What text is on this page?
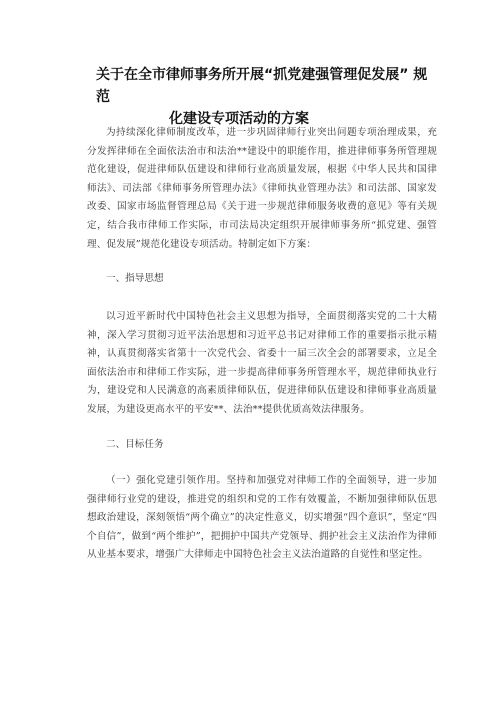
关于在全市律师事务所开展“抓党建强管理促发展” 规范
化建设专项活动的方案

为持续深化律师制度改革，进一步巩固律师行业突出问题专项治理成果，充分发挥律师在全面依法治市和法治**建设中的职能作用，推进律师事务所管理规范化建设，促进律师队伍建设和律师行业高质量发展，根据《中华人民共和国律师法》、司法部《律师事务所管理办法》《律师执业管理办法》和司法部、国家发改委、国家市场监督管理总局《关于进一步规范律师服务收费的意见》等有关规定，结合我市律师工作实际，市司法局决定组织开展律师事务所“抓党建、强管理、促发展”规范化建设专项活动。特制定如下方案：

一、指导思想

以习近平新时代中国特色社会主义思想为指导，全面贯彻落实党的二十大精神，深入学习贯彻习近平法治思想和习近平总书记对律师工作的重要指示批示精神，认真贯彻落实省第十一次党代会、省委十一届三次全会的部署要求，立足全面依法治市和律师工作实际，进一步提高律师事务所管理水平，规范律师执业行为，建设党和人民满意的高素质律师队伍，促进律师队伍建设和律师事业高质量发展，为建设更高水平的平安**、法治**提供优质高效法律服务。

二、目标任务

（一）强化党建引领作用。坚持和加强党对律师工作的全面领导，进一步加强律师行业党的建设，推进党的组织和党的工作有效覆盖，不断加强律师队伍思想政治建设，深刻领悟“两个确立”的决定性意义，切实增强“四个意识”，坚定“四个自信”，做到“两个维护”，把拥护中国共产党领导、拥护社会主义法治作为律师从业基本要求，增强广大律师走中国特色社会主义法治道路的自觉性和坚定性。
